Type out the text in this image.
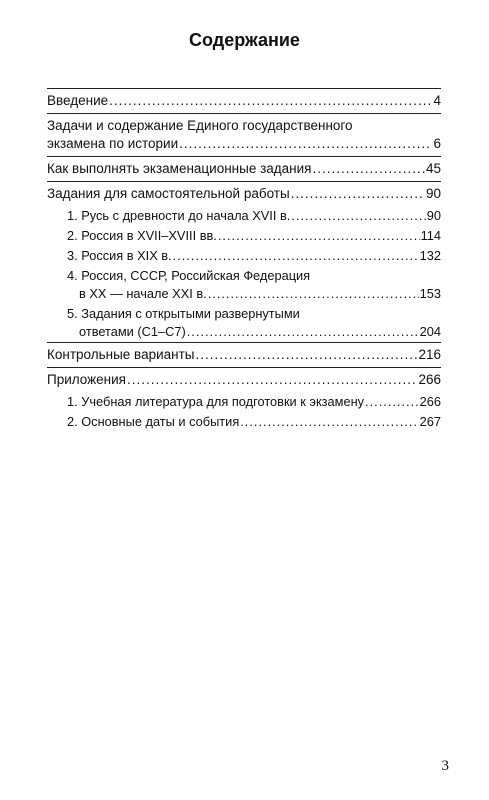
Содержание
Введение .....	4
Задачи и содержание Единого государственного
экзамена по истории .....	6
Как выполнять экзаменационные задания .....	45
Задания для самостоятельной работы .....	90
1. Русь с древности до начала XVII в. .....	90
2. Россия в XVII–XVIII вв. .....	114
3. Россия в XIX в. .....	132
4. Россия, СССР, Российская Федерация
в XX — начале XXI в. .....	153
5. Задания с открытыми развернутыми
ответами (С1–С7) .....	204
Контрольные варианты .....	216
Приложения .....	266
1. Учебная литература для подготовки к экзамену .....	266
2. Основные даты и события .....	267
3
